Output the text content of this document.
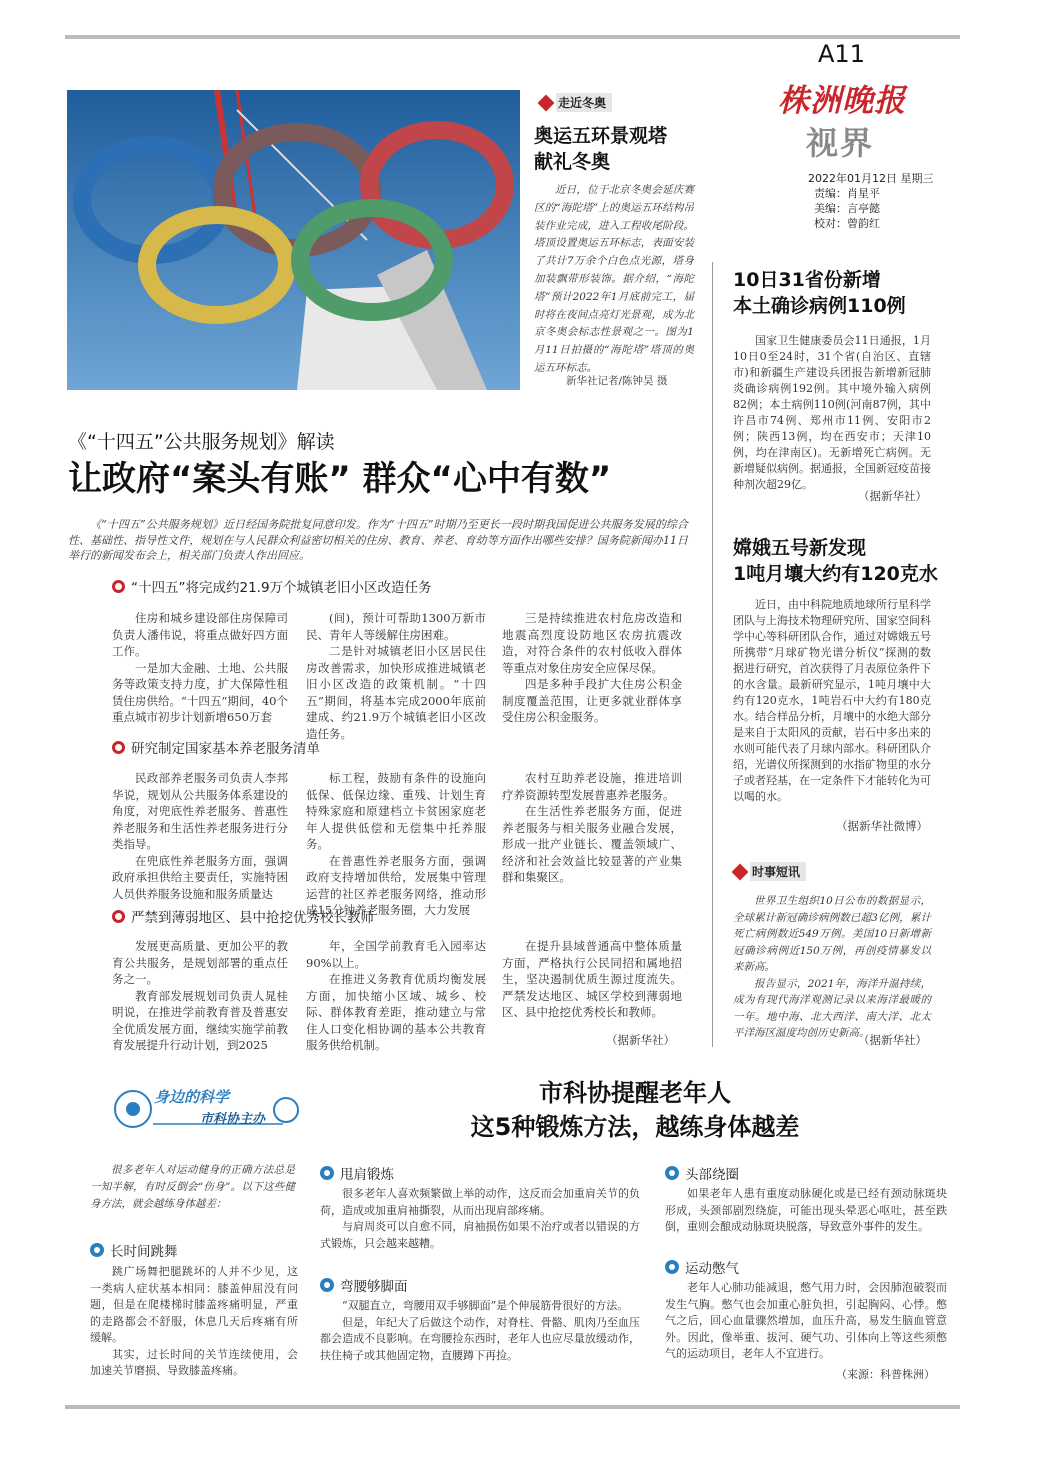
A11
株洲晚报
视界
2022年01月12日 星期三
责编：肖星平
美编：言亭懿
校对：曾韵红
走近冬奥
奥运五环景观塔
献礼冬奥

近日，位于北京冬奥会延庆赛区的“海陀塔”上的奥运五环结构吊装作业完成，进入工程收尾阶段。塔顶设置奥运五环标志，表面安装了共计7万余个白色点光源，塔身加装飘带形装饰。据介绍，“海陀塔”预计2022年1月底前完工，届时将在夜间点亮灯光景观，成为北京冬奥会标志性景观之一。图为1月11日拍摄的“海陀塔”塔顶的奥运五环标志。

新华社记者/陈钟昊 摄
《“十四五”公共服务规划》解读
让政府“案头有账” 群众“心中有数”

《“十四五”公共服务规划》近日经国务院批复同意印发。作为“十四五”时期乃至更长一段时期我国促进公共服务发展的综合性、基础性、指导性文件，规划在与人民群众利益密切相关的住房、教育、养老、育幼等方面作出哪些安排？国务院新闻办11日举行的新闻发布会上，相关部门负责人作出回应。

“十四五”将完成约21.9万个城镇老旧小区改造任务

住房和城乡建设部住房保障司负责人潘伟说，将重点做好四方面工作。

一是加大金融、土地、公共服务等政策支持力度，扩大保障性租赁住房供给。“十四五”期间，40个重点城市初步计划新增650万套

(间)，预计可帮助1300万新市民、青年人等缓解住房困难。

二是针对城镇老旧小区居民住房改善需求，加快形成推进城镇老旧小区改造的政策机制。“十四五”期间，将基本完成2000年底前建成、约21.9万个城镇老旧小区改造任务。

三是持续推进农村危房改造和地震高烈度设防地区农房抗震改造，对符合条件的农村低收入群体等重点对象住房安全应保尽保。

四是多种手段扩大住房公积金制度覆盖范围，让更多就业群体享受住房公积金服务。

研究制定国家基本养老服务清单

民政部养老服务司负责人李邦华说，规划从公共服务体系建设的角度，对兜底性养老服务、普惠性养老服务和生活性养老服务进行分类指导。

在兜底性养老服务方面，强调政府承担供给主要责任，实施特困人员供养服务设施和服务质量达

标工程，鼓励有条件的设施向低保、低保边缘、重残、计划生育特殊家庭和原建档立卡贫困家庭老年人提供低偿和无偿集中托养服务。

在普惠性养老服务方面，强调政府支持增加供给，发展集中管理运营的社区养老服务网络，推动形成15分钟养老服务圈，大力发展

农村互助养老设施，推进培训疗养资源转型发展普惠养老服务。

在生活性养老服务方面，促进养老服务与相关服务业融合发展，形成一批产业链长、覆盖领域广、经济和社会效益比较显著的产业集群和集聚区。

严禁到薄弱地区、县中抢挖优秀校长教师

发展更高质量、更加公平的教育公共服务，是规划部署的重点任务之一。

教育部发展规划司负责人晁桂明说，在推进学前教育普及普惠安全优质发展方面，继续实施学前教育发展提升行动计划，到2025

年，全国学前教育毛入园率达90%以上。

在推进义务教育优质均衡发展方面，加快缩小区域、城乡、校际、群体教育差距，推动建立与常住人口变化相协调的基本公共教育服务供给机制。

在提升县域普通高中整体质量方面，严格执行公民同招和属地招生，坚决遏制优质生源过度流失。严禁发达地区、城区学校到薄弱地区、县中抢挖优秀校长和教师。

（据新华社）
10日31省份新增
本土确诊病例110例

国家卫生健康委员会11日通报，1月10日0至24时，31个省(自治区、直辖市)和新疆生产建设兵团报告新增新冠肺炎确诊病例192例。其中境外输入病例82例；本土病例110例(河南87例，其中许昌市74例、郑州市11例、安阳市2例；陕西13例，均在西安市；天津10例，均在津南区)。无新增死亡病例。无新增疑似病例。据通报，全国新冠疫苗接种剂次超29亿。

（据新华社）
嫦娥五号新发现
1吨月壤大约有120克水

近日，由中科院地质地球所行星科学团队与上海技术物理研究所、国家空间科学中心等科研团队合作，通过对嫦娥五号所携带“月球矿物光谱分析仪”探测的数据进行研究，首次获得了月表原位条件下的水含量。最新研究显示，1吨月壤中大约有120克水，1吨岩石中大约有180克水。结合样品分析，月壤中的水绝大部分是来自于太阳风的贡献，岩石中多出来的水则可能代表了月球内部水。科研团队介绍，光谱仪所探测到的水指矿物里的水分子或者羟基，在一定条件下才能转化为可以喝的水。

（据新华社微博）
时事短讯

世界卫生组织10日公布的数据显示，全球累计新冠确诊病例数已超3亿例，累计死亡病例数近549万例。美国10日新增新冠确诊病例近150万例，再创疫情暴发以来新高。

报告显示，2021年，海洋升温持续，成为有现代海洋观测记录以来海洋最暖的一年。地中海、北大西洋、南大洋、北太平洋海区温度均创历史新高。

（据新华社）
身边的科学
市科协主办
市科协提醒老年人
这5种锻炼方法，越练身体越差

很多老年人对运动健身的正确方法总是一知半解，有时反倒会“伤身”。以下这些健身方法，就会越练身体越差：

长时间跳舞

跳广场舞把腿跳坏的人并不少见，这一类病人症状基本相同：膝盖伸屈没有问题，但是在爬楼梯时膝盖疼痛明显，严重的走路都会不舒服，休息几天后疼痛有所缓解。

其实，过长时间的关节连续使用，会加速关节磨损、导致膝盖疼痛。

甩肩锻炼

很多老年人喜欢频繁做上举的动作，这反而会加重肩关节的负荷，造成或加重肩袖撕裂，从而出现肩部疼痛。

与肩周炎可以自愈不同，肩袖损伤如果不治疗或者以错误的方式锻炼，只会越来越糟。

弯腰够脚面

“双腿直立，弯腰用双手够脚面”是个伸展筋骨很好的方法。

但是，年纪大了后做这个动作，对脊柱、骨骼、肌肉乃至血压都会造成不良影响。在弯腰捡东西时，老年人也应尽量放缓动作，扶住椅子或其他固定物，直腰蹲下再捡。

头部绕圈

如果老年人患有重度动脉硬化或是已经有颈动脉斑块形成，头颈部剧烈绕旋，可能出现头晕恶心呕吐，甚至跌倒，重则会酿成动脉斑块脱落，导致意外事件的发生。

运动憋气

老年人心肺功能减退，憋气用力时，会因肺泡破裂而发生气胸。憋气也会加重心脏负担，引起胸闷、心悸。憋气之后，回心血量骤然增加，血压升高，易发生脑血管意外。因此，像举重、拔河、硬气功、引体向上等这些须憋气的运动项目，老年人不宜进行。

（来源：科普株洲）
